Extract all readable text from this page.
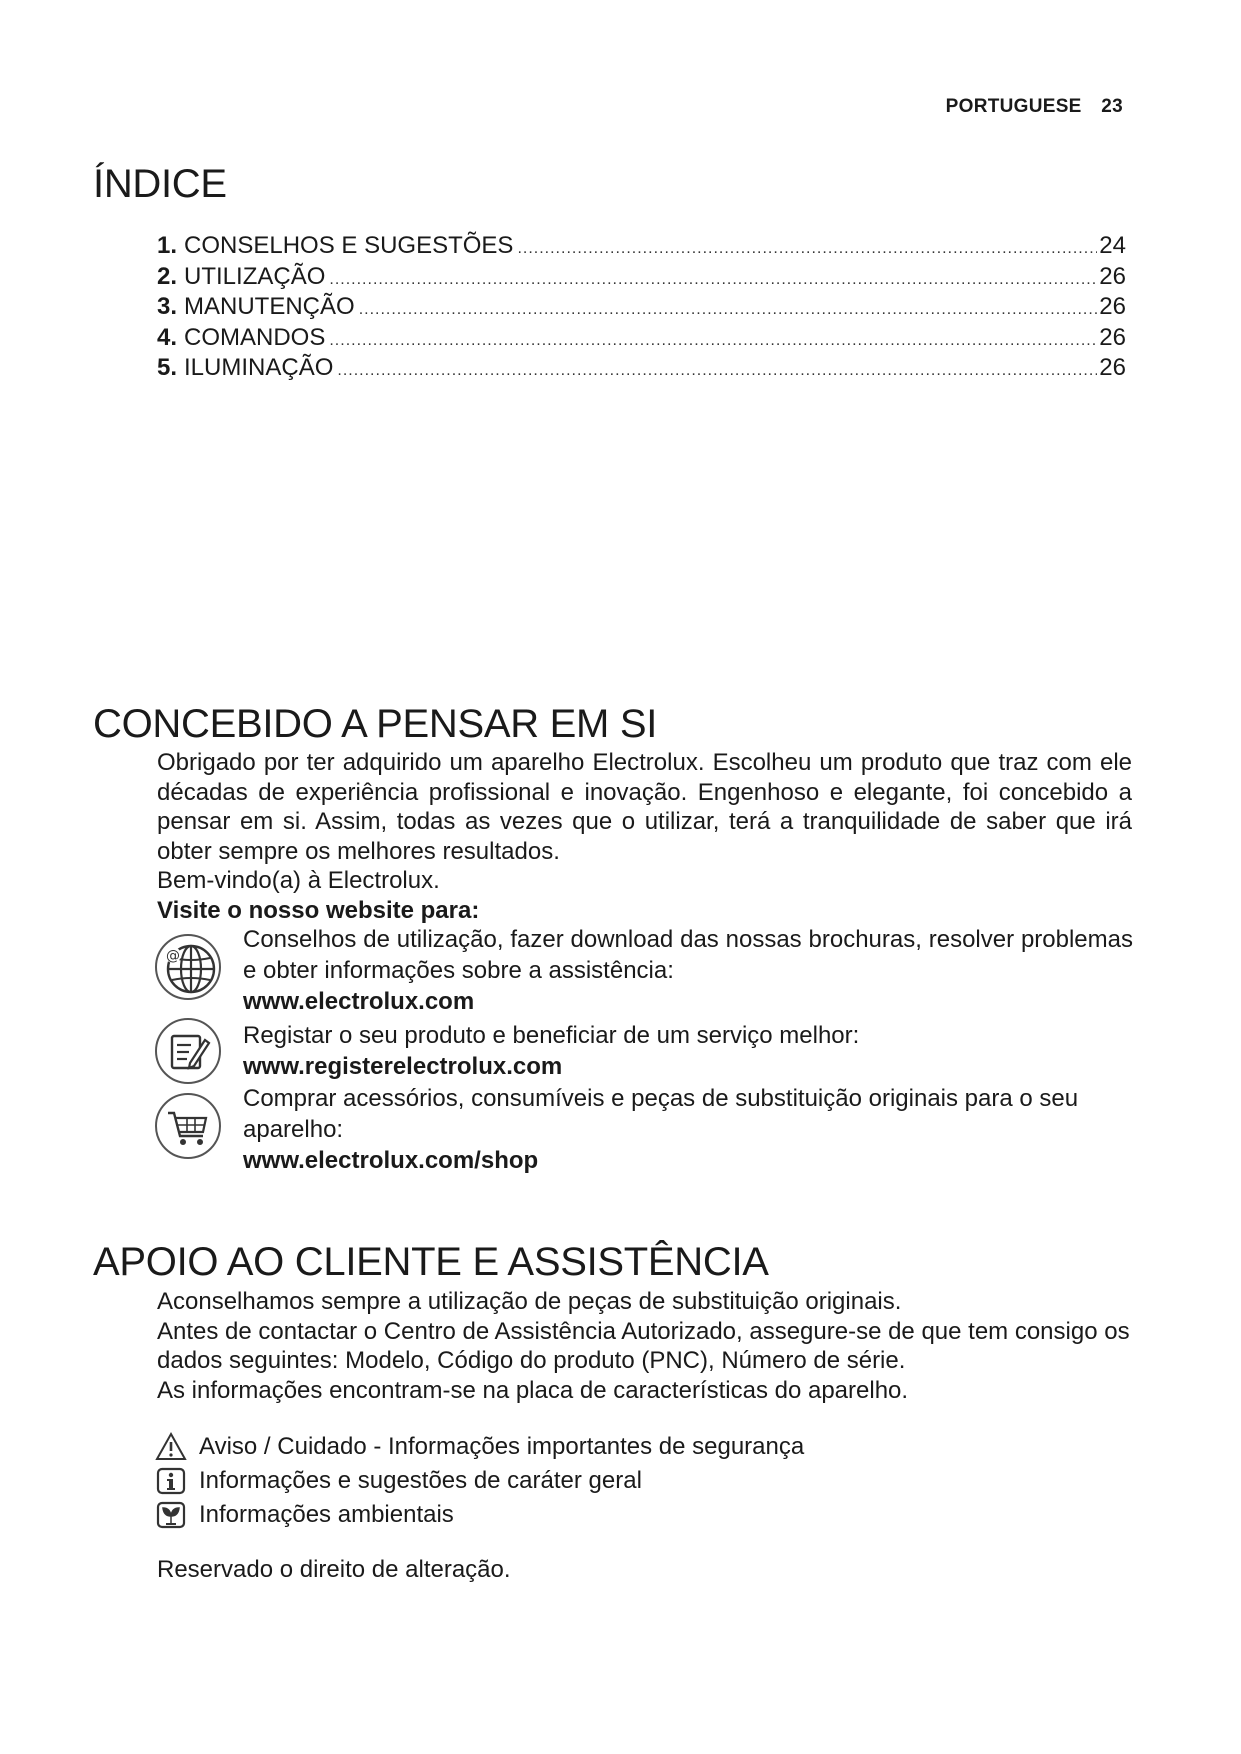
PORTUGUESE 23
ÍNDICE
1. CONSELHOS E SUGESTÕES .....	24
2. UTILIZAÇÃO .....	26
3. MANUTENÇÃO .....	26
4. COMANDOS .....	26
5. ILUMINAÇÃO .....	26
CONCEBIDO A PENSAR EM SI

Obrigado por ter adquirido um aparelho Electrolux. Escolheu um produto que traz com ele décadas de experiência profissional e inovação. Engenhoso e elegante, foi concebido a pensar em si. Assim, todas as vezes que o utilizar, terá a tranquilidade de saber que irá obter sempre os melhores resultados.

Bem-vindo(a) à Electrolux.

Visite o nosso website para:

@

Conselhos de utilização, fazer download das nossas brochuras, resolver problemas e obter informações sobre a assistência:

www.electrolux.com

Registar o seu produto e beneficiar de um serviço melhor:

www.registerelectrolux.com

Comprar acessórios, consumíveis e peças de substituição originais para o seu aparelho:

www.electrolux.com/shop

APOIO AO CLIENTE E ASSISTÊNCIA

Aconselhamos sempre a utilização de peças de substituição originais.

Antes de contactar o Centro de Assistência Autorizado, assegure-se de que tem consigo os dados seguintes: Modelo, Código do produto (PNC), Número de série.

As informações encontram-se na placa de características do aparelho.

Aviso / Cuidado - Informações importantes de segurança
Informações e sugestões de caráter geral
Informações ambientais

Reservado o direito de alteração.
